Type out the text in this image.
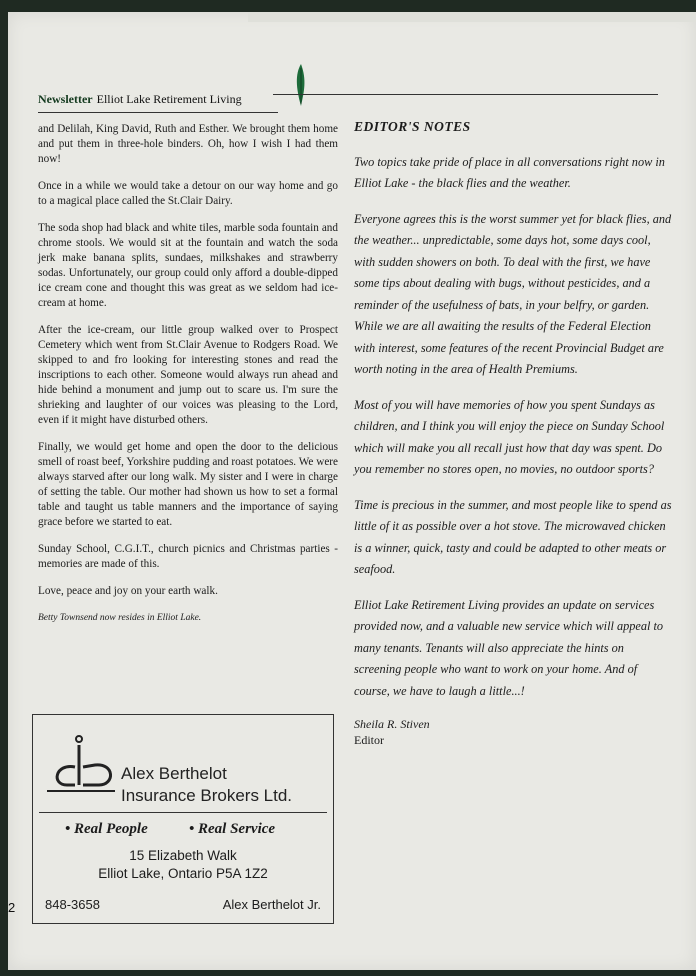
Newsletter Elliot Lake Retirement Living

and Delilah, King David, Ruth and Esther. We brought them home and put them in three-hole binders. Oh, how I wish I had them now!

Once in a while we would take a detour on our way home and go to a magical place called the St.Clair Dairy.

The soda shop had black and white tiles, marble soda fountain and chrome stools. We would sit at the fountain and watch the soda jerk make banana splits, sundaes, milkshakes and strawberry sodas. Unfortunately, our group could only afford a double-dipped ice cream cone and thought this was great as we seldom had ice-cream at home.

After the ice-cream, our little group walked over to Prospect Cemetery which went from St.Clair Avenue to Rodgers Road. We skipped to and fro looking for interesting stones and read the inscriptions to each other. Someone would always run ahead and hide behind a monument and jump out to scare us. I'm sure the shrieking and laughter of our voices was pleasing to the Lord, even if it might have disturbed others.

Finally, we would get home and open the door to the delicious smell of roast beef, Yorkshire pudding and roast potatoes. We were always starved after our long walk. My sister and I were in charge of setting the table. Our mother had shown us how to set a formal table and taught us table manners and the importance of saying grace before we started to eat.

Sunday School, C.G.I.T., church picnics and Christmas parties - memories are made of this.

Love, peace and joy on your earth walk.

Betty Townsend now resides in Elliot Lake.

EDITOR'S NOTES

Two topics take pride of place in all conversations right now in Elliot Lake - the black flies and the weather.

Everyone agrees this is the worst summer yet for black flies, and the weather... unpredictable, some days hot, some days cool, with sudden showers on both. To deal with the first, we have some tips about dealing with bugs, without pesticides, and a reminder of the usefulness of bats, in your belfry, or garden. While we are all awaiting the results of the Federal Election with interest, some features of the recent Provincial Budget are worth noting in the area of Health Premiums.

Most of you will have memories of how you spent Sundays as children, and I think you will enjoy the piece on Sunday School which will make you all recall just how that day was spent. Do you remember no stores open, no movies, no outdoor sports?

Time is precious in the summer, and most people like to spend as little of it as possible over a hot stove. The microwaved chicken is a winner, quick, tasty and could be adapted to other meats or seafood.

Elliot Lake Retirement Living provides an update on services provided now, and a valuable new service which will appeal to many tenants. Tenants will also appreciate the hints on screening people who want to work on your home. And of course, we have to laugh a little...!

Sheila R. Stiven

Editor

Alex Berthelot
Insurance Brokers Ltd.
• Real People	• Real Service
15 Elizabeth Walk
Elliot Lake, Ontario P5A 1Z2
848-3658	Alex Berthelot Jr.
2
